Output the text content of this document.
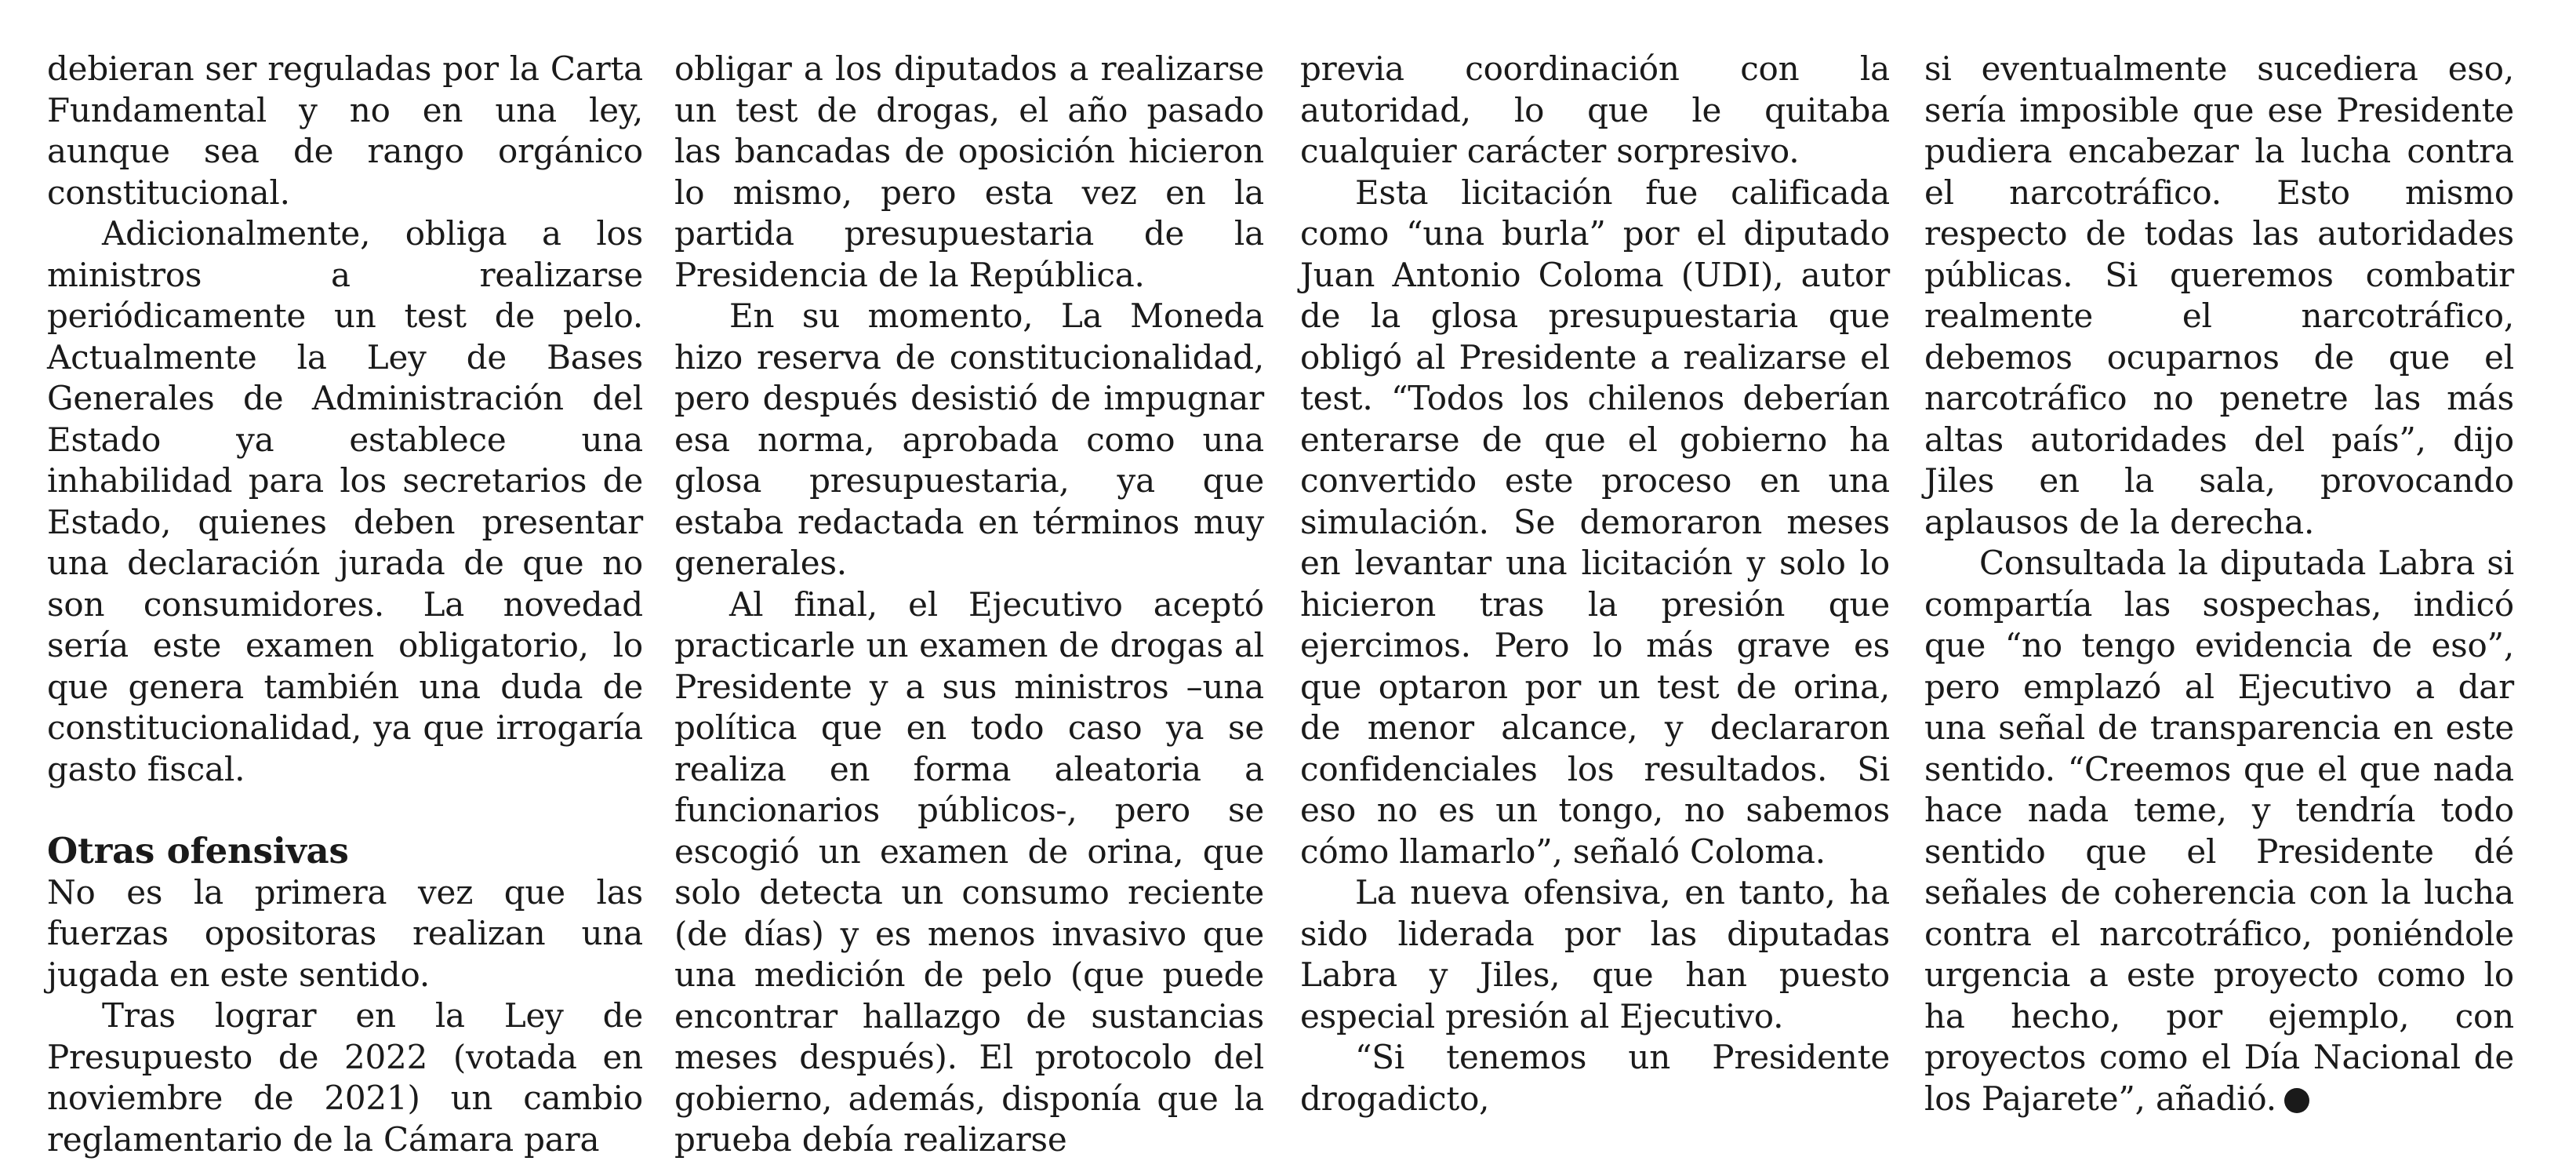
debieran ser reguladas por la Carta Fundamental y no en una ley, aunque sea de rango orgánico constitucional.

Adicionalmente, obliga a los ministros a realizarse periódicamente un test de pelo. Actualmente la Ley de Bases Generales de Administración del Estado ya establece una inhabilidad para los secretarios de Estado, quienes deben presentar una declaración jurada de que no son consumidores. La novedad sería este examen obligatorio, lo que genera también una duda de constitucionalidad, ya que irrogaría gasto fiscal.

Otras ofensivas

No es la primera vez que las fuerzas opositoras realizan una jugada en este sentido.

Tras lograr en la Ley de Presupuesto de 2022 (votada en noviembre de 2021) un cambio reglamentario de la Cámara para

obligar a los diputados a realizarse un test de drogas, el año pasado las bancadas de oposición hicieron lo mismo, pero esta vez en la partida presupuestaria de la Presidencia de la República.

En su momento, La Moneda hizo reserva de constitucionalidad, pero después desistió de impugnar esa norma, aprobada como una glosa presupuestaria, ya que estaba redactada en términos muy generales.

Al final, el Ejecutivo aceptó practicarle un examen de drogas al Presidente y a sus ministros –una política que en todo caso ya se realiza en forma aleatoria a funcionarios públicos-, pero se escogió un examen de orina, que solo detecta un consumo reciente (de días) y es menos invasivo que una medición de pelo (que puede encontrar hallazgo de sustancias meses después). El protocolo del gobierno, además, disponía que la prueba debía realizarse

previa coordinación con la autoridad, lo que le quitaba cualquier carácter sorpresivo.

Esta licitación fue calificada como “una burla” por el diputado Juan Antonio Coloma (UDI), autor de la glosa presupuestaria que obligó al Presidente a realizarse el test. “Todos los chilenos deberían enterarse de que el gobierno ha convertido este proceso en una simulación. Se demoraron meses en levantar una licitación y solo lo hicieron tras la presión que ejercimos. Pero lo más grave es que optaron por un test de orina, de menor alcance, y declararon confidenciales los resultados. Si eso no es un tongo, no sabemos cómo llamarlo”, señaló Coloma.

La nueva ofensiva, en tanto, ha sido liderada por las diputadas Labra y Jiles, que han puesto especial presión al Ejecutivo.

“Si tenemos un Presidente drogadicto,

si eventualmente sucediera eso, sería imposible que ese Presidente pudiera encabezar la lucha contra el narcotráfico. Esto mismo respecto de todas las autoridades públicas. Si queremos combatir realmente el narcotráfico, debemos ocuparnos de que el narcotráfico no penetre las más altas autoridades del país”, dijo Jiles en la sala, provocando aplausos de la derecha.

Consultada la diputada Labra si compartía las sospechas, indicó que “no tengo evidencia de eso”, pero emplazó al Ejecutivo a dar una señal de transparencia en este sentido. “Creemos que el que nada hace nada teme, y tendría todo sentido que el Presidente dé señales de coherencia con la lucha contra el narcotráfico, poniéndole urgencia a este proyecto como lo ha hecho, por ejemplo, con proyectos como el Día Nacional de los Pajarete”, añadió.
